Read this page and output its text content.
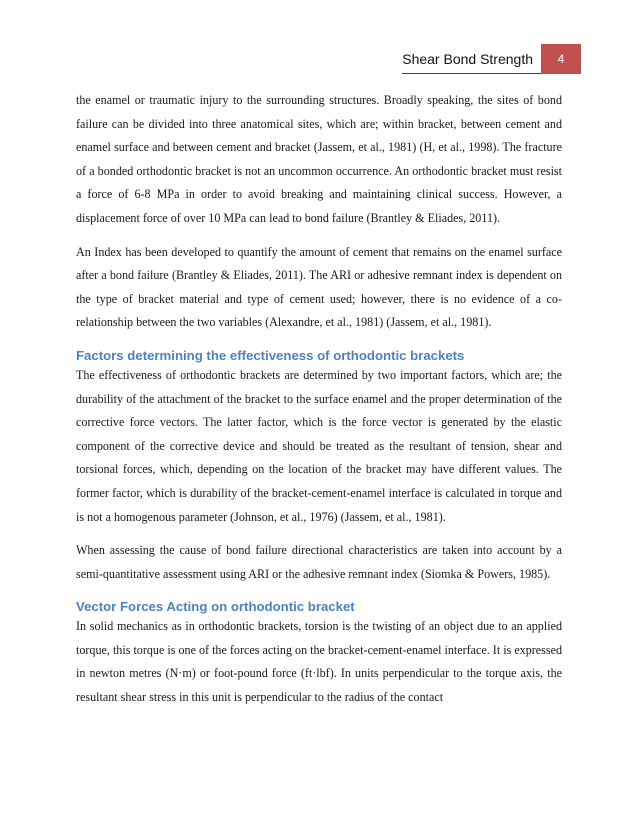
Shear Bond Strength	4

the enamel or traumatic injury to the surrounding structures. Broadly speaking, the sites of bond failure can be divided into three anatomical sites, which are; within bracket, between cement and enamel surface and between cement and bracket (Jassem, et al., 1981) (H, et al., 1998). The fracture of a bonded orthodontic bracket is not an uncommon occurrence. An orthodontic bracket must resist a force of 6-8 MPa in order to avoid breaking and maintaining clinical success. However, a displacement force of over 10 MPa can lead to bond failure (Brantley & Eliades, 2011).

An Index has been developed to quantify the amount of cement that remains on the enamel surface after a bond failure (Brantley & Eliades, 2011). The ARI or adhesive remnant index is dependent on the type of bracket material and type of cement used; however, there is no evidence of a co-relationship between the two variables (Alexandre, et al., 1981) (Jassem, et al., 1981).

Factors determining the effectiveness of orthodontic brackets

The effectiveness of orthodontic brackets are determined by two important factors, which are; the durability of the attachment of the bracket to the surface enamel and the proper determination of the corrective force vectors. The latter factor, which is the force vector is generated by the elastic component of the corrective device and should be treated as the resultant of tension, shear and torsional forces, which, depending on the location of the bracket may have different values. The former factor, which is durability of the bracket-cement-enamel interface is calculated in torque and is not a homogenous parameter (Johnson, et al., 1976) (Jassem, et al., 1981).

When assessing the cause of bond failure directional characteristics are taken into account by a semi-quantitative assessment using ARI or the adhesive remnant index (Siomka & Powers, 1985).

Vector Forces Acting on orthodontic bracket

In solid mechanics as in orthodontic brackets, torsion is the twisting of an object due to an applied torque, this torque is one of the forces acting on the bracket-cement-enamel interface. It is expressed in newton metres (N·m) or foot-pound force (ft·lbf). In units perpendicular to the torque axis, the resultant shear stress in this unit is perpendicular to the radius of the contact
